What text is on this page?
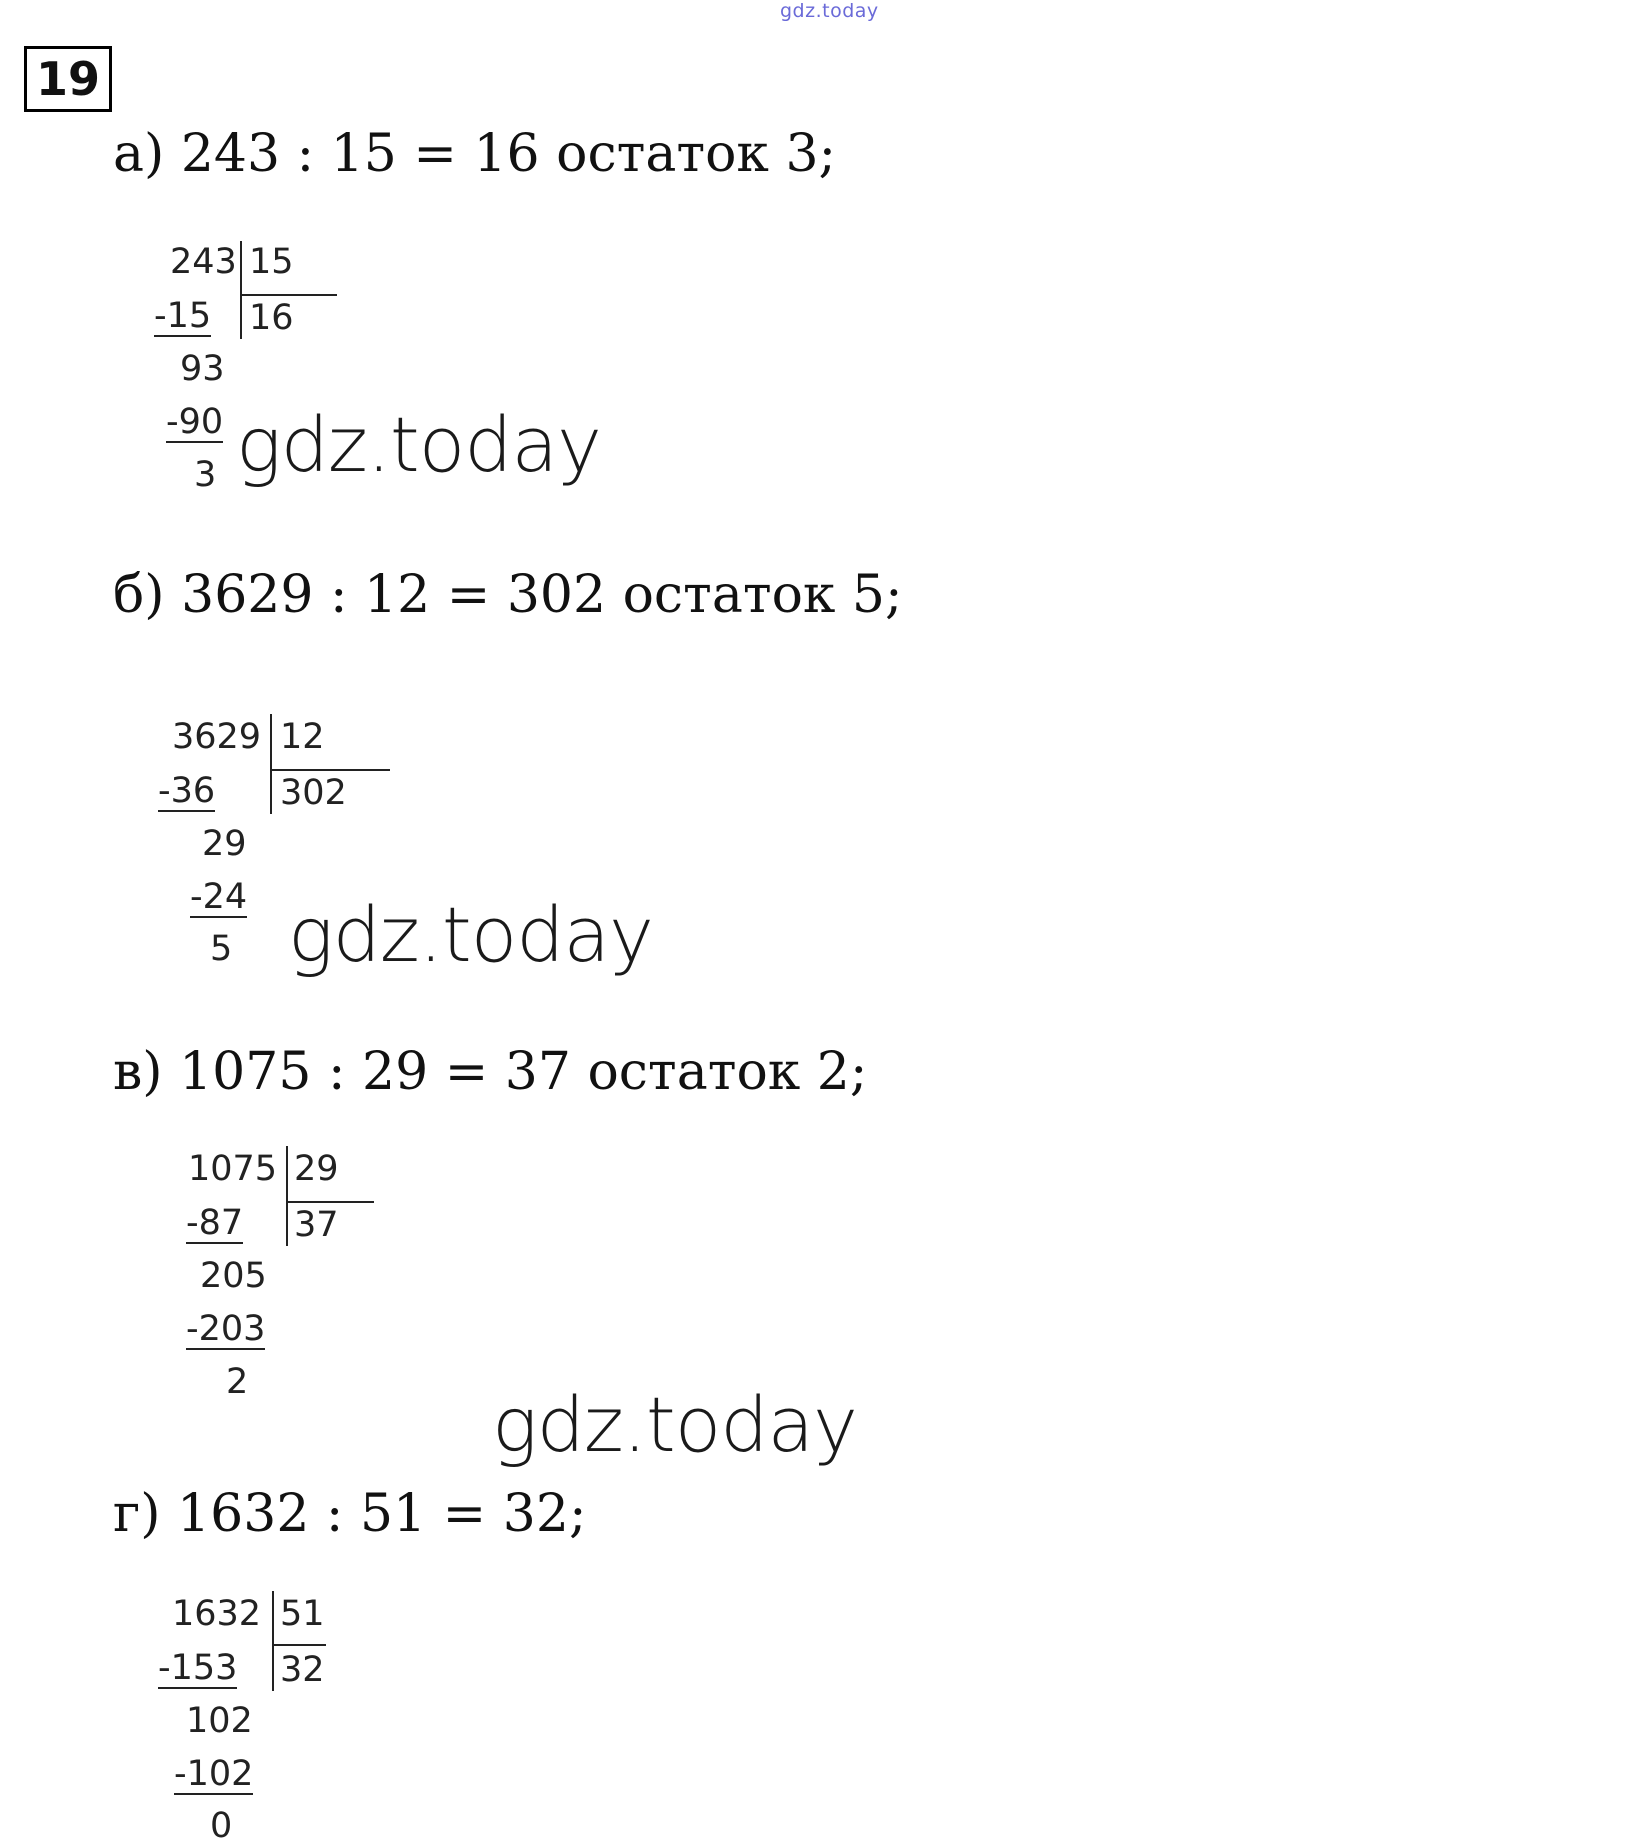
gdz.today
19
а) 243 : 15 = 16 остаток 3;
243 15
16
-15
93
-90
3 gdz.today
б) 3629 : 12 = 302 остаток 5;
3629 12
302
-36
29
-24
5 gdz.today
в) 1075 : 29 = 37 остаток 2;
1075 29
37
-87
205
-203
2	gdz.today
г) 1632 : 51 = 32;
1632 51
32
-153
102
-102
0
